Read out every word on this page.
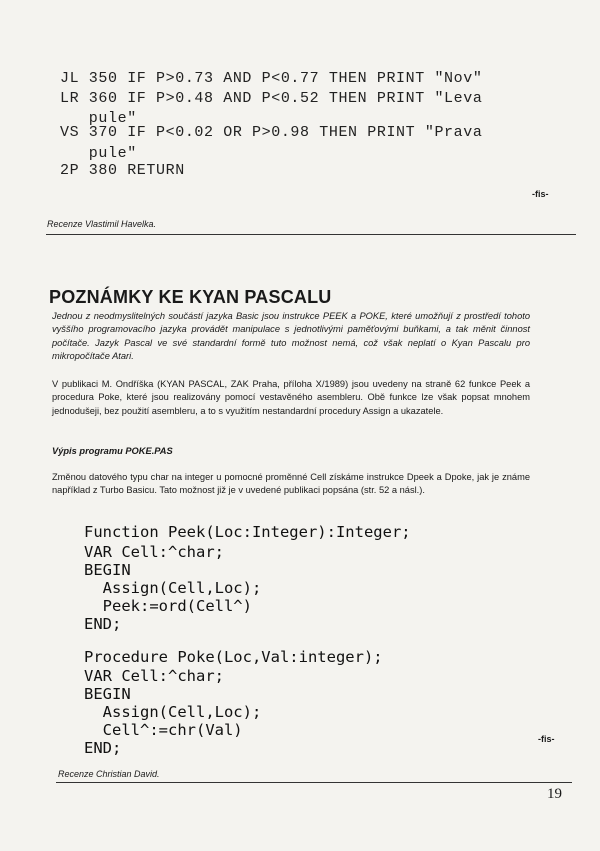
JL 350 IF P>0.73 AND P<0.77 THEN PRINT "Nov"
LR 360 IF P>0.48 AND P<0.52 THEN PRINT "Leva
pule"
VS 370 IF P<0.02 OR P>0.98 THEN PRINT "Prava
pule"
2P 380 RETURN
-fis-
Recenze Vlastimil Havelka.
POZNÁMKY KE KYAN PASCALU
Jednou z neodmyslitelných součástí jazyka Basic jsou instrukce PEEK a POKE, které umožňují z prostředí tohoto vyššího programovacího jazyka provádět manipulace s jednotlivými paměťovými buňkami, a tak měnit činnost počítače. Jazyk Pascal ve své standardní formě tuto možnost nemá, což však neplatí o Kyan Pascalu pro mikropočítače Atari.
V publikaci M. Ondříška (KYAN PASCAL, ZAK Praha, příloha X/1989) jsou uvedeny na straně 62 funkce Peek a procedura Poke, které jsou realizovány pomocí vestavěného asembleru. Obě funkce lze však popsat mnohem jednodušeji, bez použití asembleru, a to s využitím nestandardní procedury Assign a ukazatele.
Výpis programu POKE.PAS
Změnou datového typu char na integer u pomocné proměnné Cell získáme instrukce Dpeek a Dpoke, jak je známe například z Turbo Basicu. Tato možnost již je v uvedené publikaci popsána (str. 52 a násl.).
Function Peek(Loc:Integer):Integer;
VAR Cell:^char;
BEGIN
Assign(Cell,Loc);
Peek:=ord(Cell^)
END;
Procedure Poke(Loc,Val:integer);
VAR Cell:^char;
BEGIN
Assign(Cell,Loc);
Cell^:=chr(Val)
END;	-fis-
Recenze Christian David.
19
